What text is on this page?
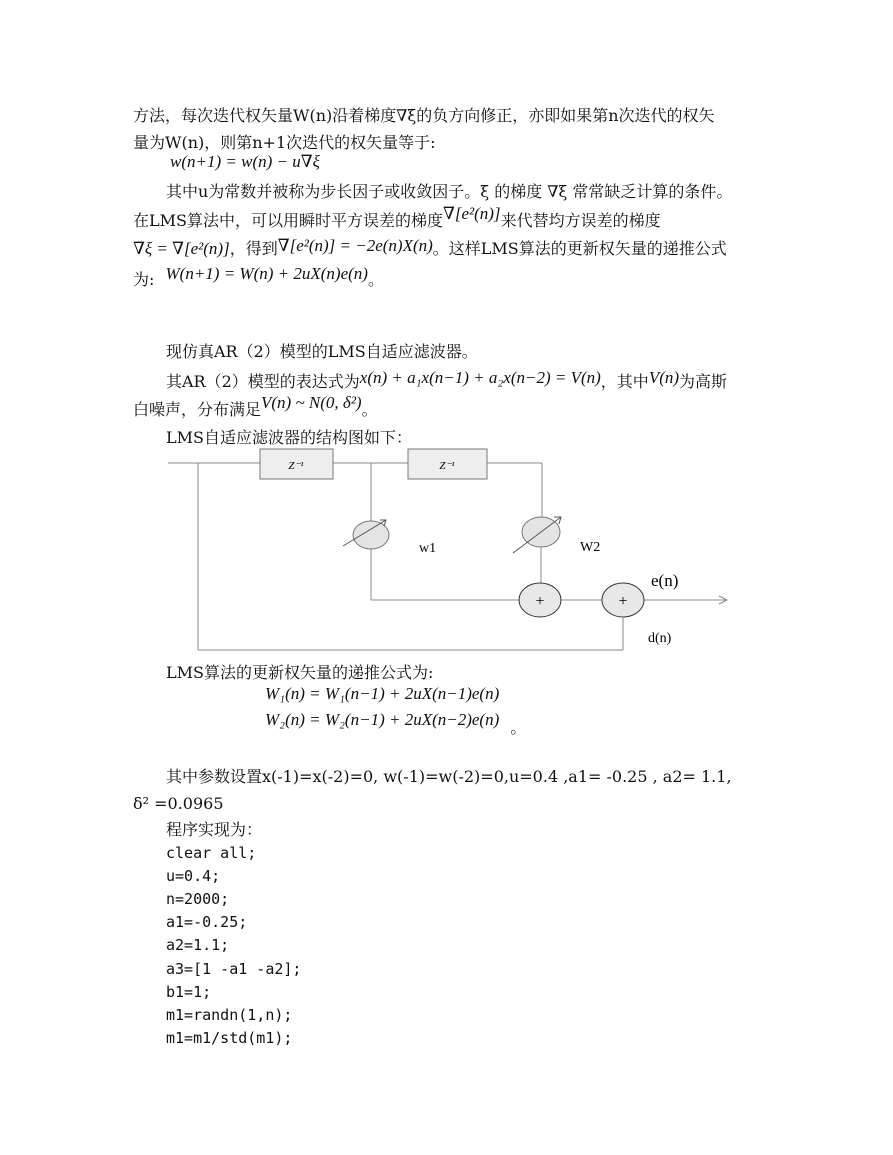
方法，每次迭代权矢量W(n)沿着梯度∇ξ的负方向修正，亦即如果第n次迭代的权矢
量为W(n)，则第n+1次迭代的权矢量等于:
w(n+1) = w(n) − u∇ξ
其中u为常数并被称为步长因子或收敛因子。ξ 的梯度 ∇ξ 常常缺乏计算的条件。
在LMS算法中，可以用瞬时平方误差的梯度∇[e²(n)]来代替均方误差的梯度
∇ξ = ∇[e²(n)]，得到∇[e²(n)] = −2e(n)X(n)。这样LMS算法的更新权矢量的递推公式
为: W(n+1) = W(n) + 2uX(n)e(n)。
现仿真AR（2）模型的LMS自适应滤波器。
其AR（2）模型的表达式为x(n) + a₁x(n−1) + a₂x(n−2) = V(n)，其中V(n)为高斯
白噪声，分布满足V(n) ~ N(0, δ²)。
LMS自适应滤波器的结构图如下：
Z⁻¹	Z⁻¹
+	+
w1	W2
e(n)
d(n)
LMS算法的更新权矢量的递推公式为:
W₁(n) = W₁(n−1) + 2uX(n−1)e(n)
W₂(n) = W₂(n−1) + 2uX(n−2)e(n) 。
其中参数设置x(-1)=x(-2)=0, w(-1)=w(-2)=0,u=0.4 ,a1= -0.25 , a2= 1.1,
δ² =0.0965
程序实现为：
clear all;
u=0.4;
n=2000;
a1=-0.25;
a2=1.1;
a3=[1 -a1 -a2];
b1=1;
m1=randn(1,n);
m1=m1/std(m1);
